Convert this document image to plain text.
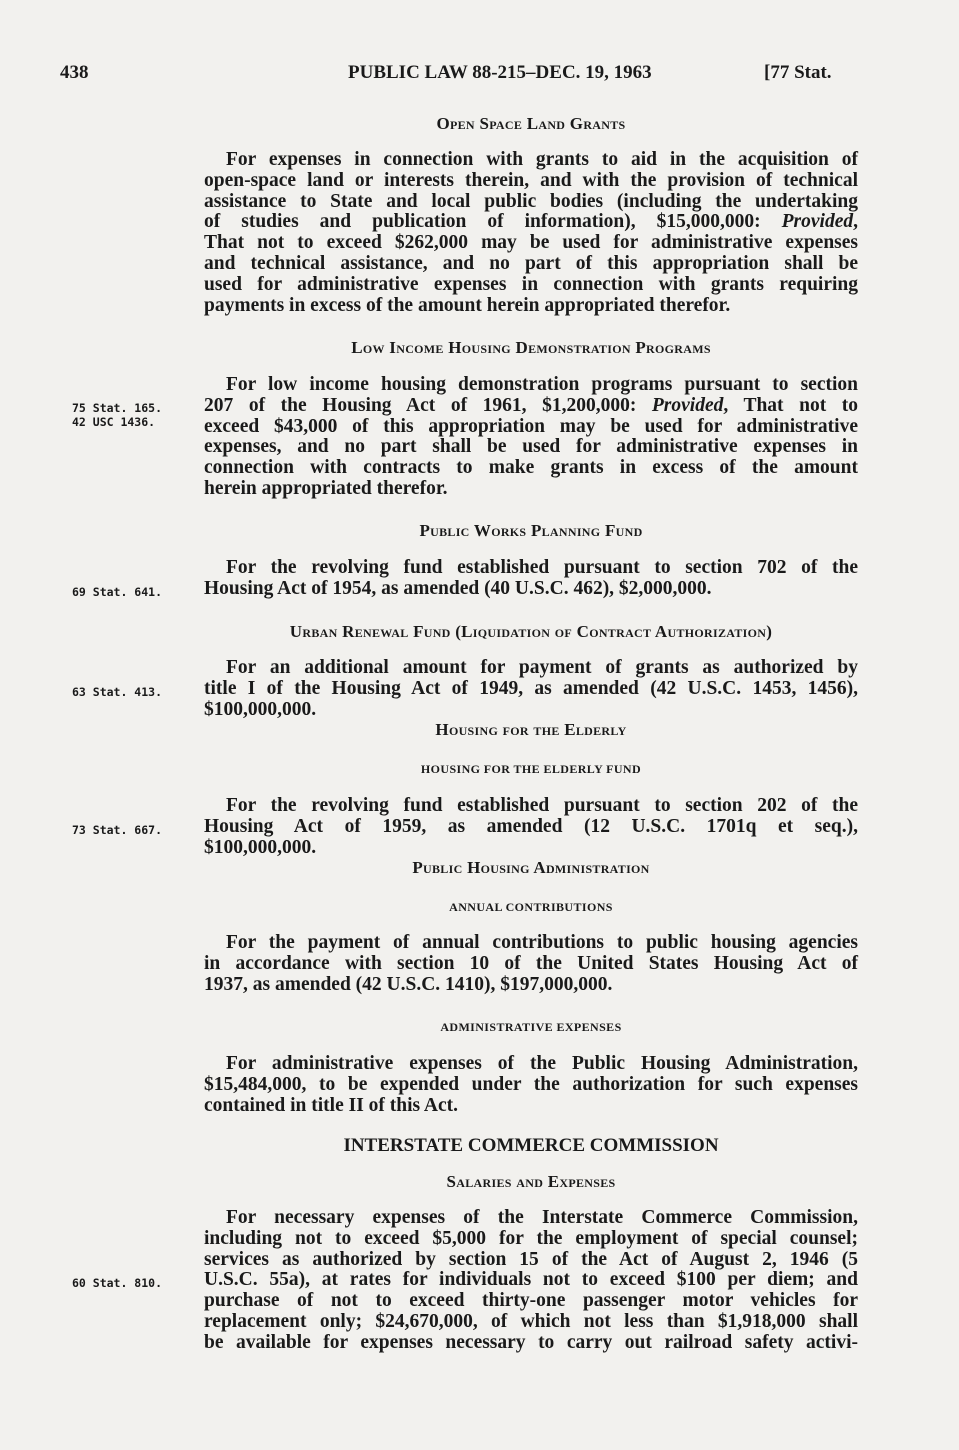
438	PUBLIC LAW 88-215–DEC. 19, 1963	[77 Stat.
Open Space Land Grants
For expenses in connection with grants to aid in the acquisition of
open-space land or interests therein, and with the provision of technical
assistance to State and local public bodies (including the undertaking
of studies and publication of information), $15,000,000: Provided,
That not to exceed $262,000 may be used for administrative expenses
and technical assistance, and no part of this appropriation shall be
used for administrative expenses in connection with grants requiring
payments in excess of the amount herein appropriated therefor.
Low Income Housing Demonstration Programs
For low income housing demonstration programs pursuant to section
207 of the Housing Act of 1961, $1,200,000: Provided, That not to
exceed $43,000 of this appropriation may be used for administrative
expenses, and no part shall be used for administrative expenses in
connection with contracts to make grants in excess of the amount
herein appropriated therefor.
75 Stat. 165.
42 USC 1436.
Public Works Planning Fund
For the revolving fund established pursuant to section 702 of the
Housing Act of 1954, as amended (40 U.S.C. 462), $2,000,000.
69 Stat. 641.
Urban Renewal Fund (Liquidation of Contract Authorization)
For an additional amount for payment of grants as authorized by
title I of the Housing Act of 1949, as amended (42 U.S.C. 1453, 1456),
$100,000,000.
63 Stat. 413.
Housing for the Elderly
HOUSING FOR THE ELDERLY FUND
For the revolving fund established pursuant to section 202 of the
Housing Act of 1959, as amended (12 U.S.C. 1701q et seq.),
$100,000,000.
73 Stat. 667.
Public Housing Administration
ANNUAL CONTRIBUTIONS
For the payment of annual contributions to public housing agencies
in accordance with section 10 of the United States Housing Act of
1937, as amended (42 U.S.C. 1410), $197,000,000.
ADMINISTRATIVE EXPENSES
For administrative expenses of the Public Housing Administration,
$15,484,000, to be expended under the authorization for such expenses
contained in title II of this Act.
INTERSTATE COMMERCE COMMISSION
Salaries and Expenses
For necessary expenses of the Interstate Commerce Commission,
including not to exceed $5,000 for the employment of special counsel;
services as authorized by section 15 of the Act of August 2, 1946 (5
U.S.C. 55a), at rates for individuals not to exceed $100 per diem; and
purchase of not to exceed thirty-one passenger motor vehicles for
replacement only; $24,670,000, of which not less than $1,918,000 shall
be available for expenses necessary to carry out railroad safety activi-
60 Stat. 810.
